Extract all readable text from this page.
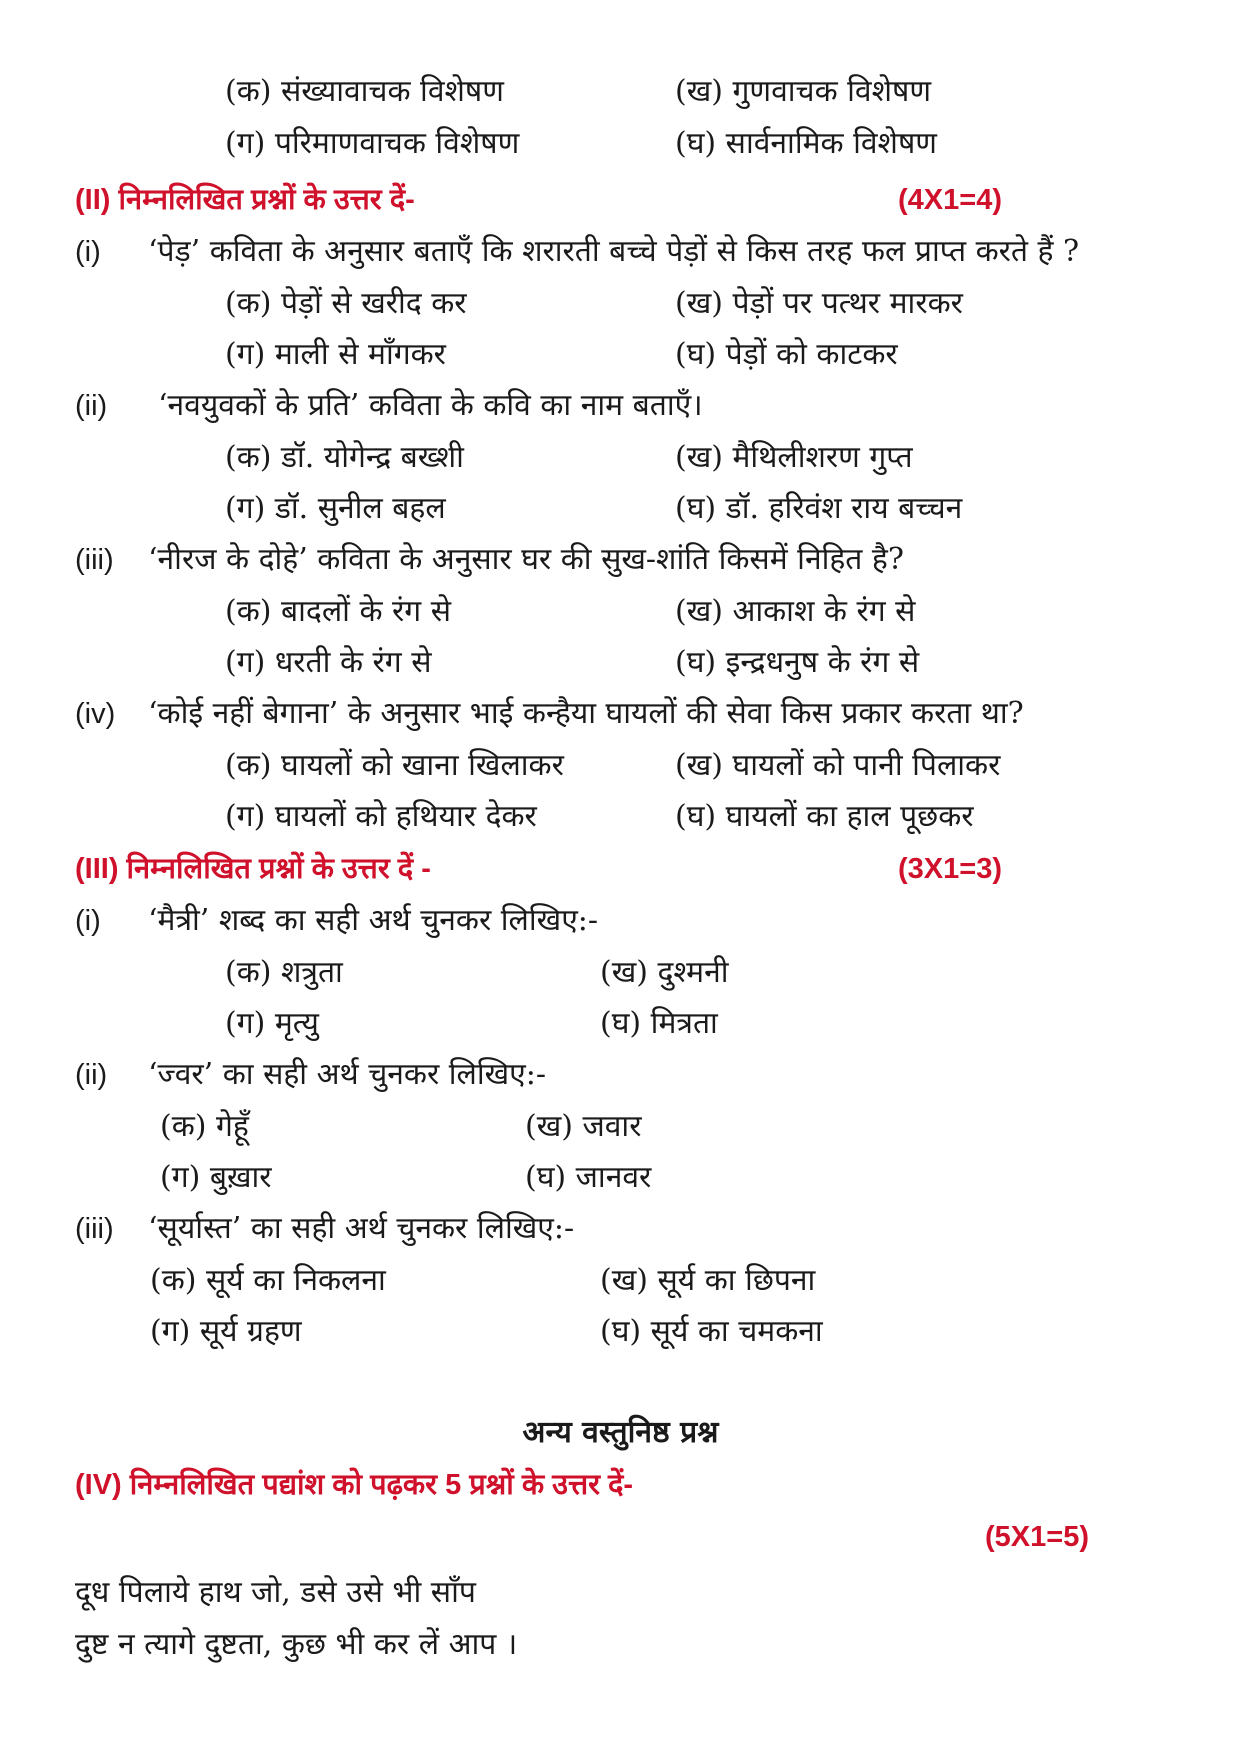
(क) संख्यावाचक विशेषण	(ख) गुणवाचक विशेषण
(ग) परिमाणवाचक विशेषण	(घ) सार्वनामिक विशेषण
(II) निम्नलिखित प्रश्नों के उत्तर दें-	(4X1=4)
(i) ‘पेड़’ कविता के अनुसार बताएँ कि शरारती बच्चे पेड़ों से किस तरह फल प्राप्त करते हैं ?
(क) पेड़ों से खरीद कर	(ख) पेड़ों पर पत्थर मारकर
(ग) माली से माँगकर	(घ) पेड़ों को काटकर
(ii) ‘नवयुवकों के प्रति’ कविता के कवि का नाम बताएँ।
(क) डॉ. योगेन्द्र बख्शी	(ख) मैथिलीशरण गुप्त
(ग) डॉ. सुनील बहल	(घ) डॉ. हरिवंश राय बच्चन
(iii) ‘नीरज के दोहे’ कविता के अनुसार घर की सुख-शांति किसमें निहित है?
(क) बादलों के रंग से	(ख) आकाश के रंग से
(ग) धरती के रंग से	(घ) इन्द्रधनुष के रंग से
(iv) ‘कोई नहीं बेगाना’ के अनुसार भाई कन्हैया घायलों की सेवा किस प्रकार करता था?
(क) घायलों को खाना खिलाकर	(ख) घायलों को पानी पिलाकर
(ग) घायलों को हथियार देकर	(घ) घायलों का हाल पूछकर
(III) निम्नलिखित प्रश्नों के उत्तर दें -	(3X1=3)
(i) ‘मैत्री’ शब्द का सही अर्थ चुनकर लिखिए:-
(क) शत्रुता	(ख) दुश्मनी
(ग) मृत्यु	(घ) मित्रता
(ii) ‘ज्वर’ का सही अर्थ चुनकर लिखिए:-
(क) गेहूँ	(ख) जवार
(ग) बुख़ार	(घ) जानवर
(iii) ‘सूर्यास्त’ का सही अर्थ चुनकर लिखिए:-
(क) सूर्य का निकलना	(ख) सूर्य का छिपना
(ग) सूर्य ग्रहण	(घ) सूर्य का चमकना
अन्य वस्तुनिष्ठ प्रश्न
(IV) निम्नलिखित पद्यांश को पढ़कर 5 प्रश्नों के उत्तर दें-
(5X1=5)
दूध पिलाये हाथ जो, डसे उसे भी साँप
दुष्ट न त्यागे दुष्टता, कुछ भी कर लें आप ।
